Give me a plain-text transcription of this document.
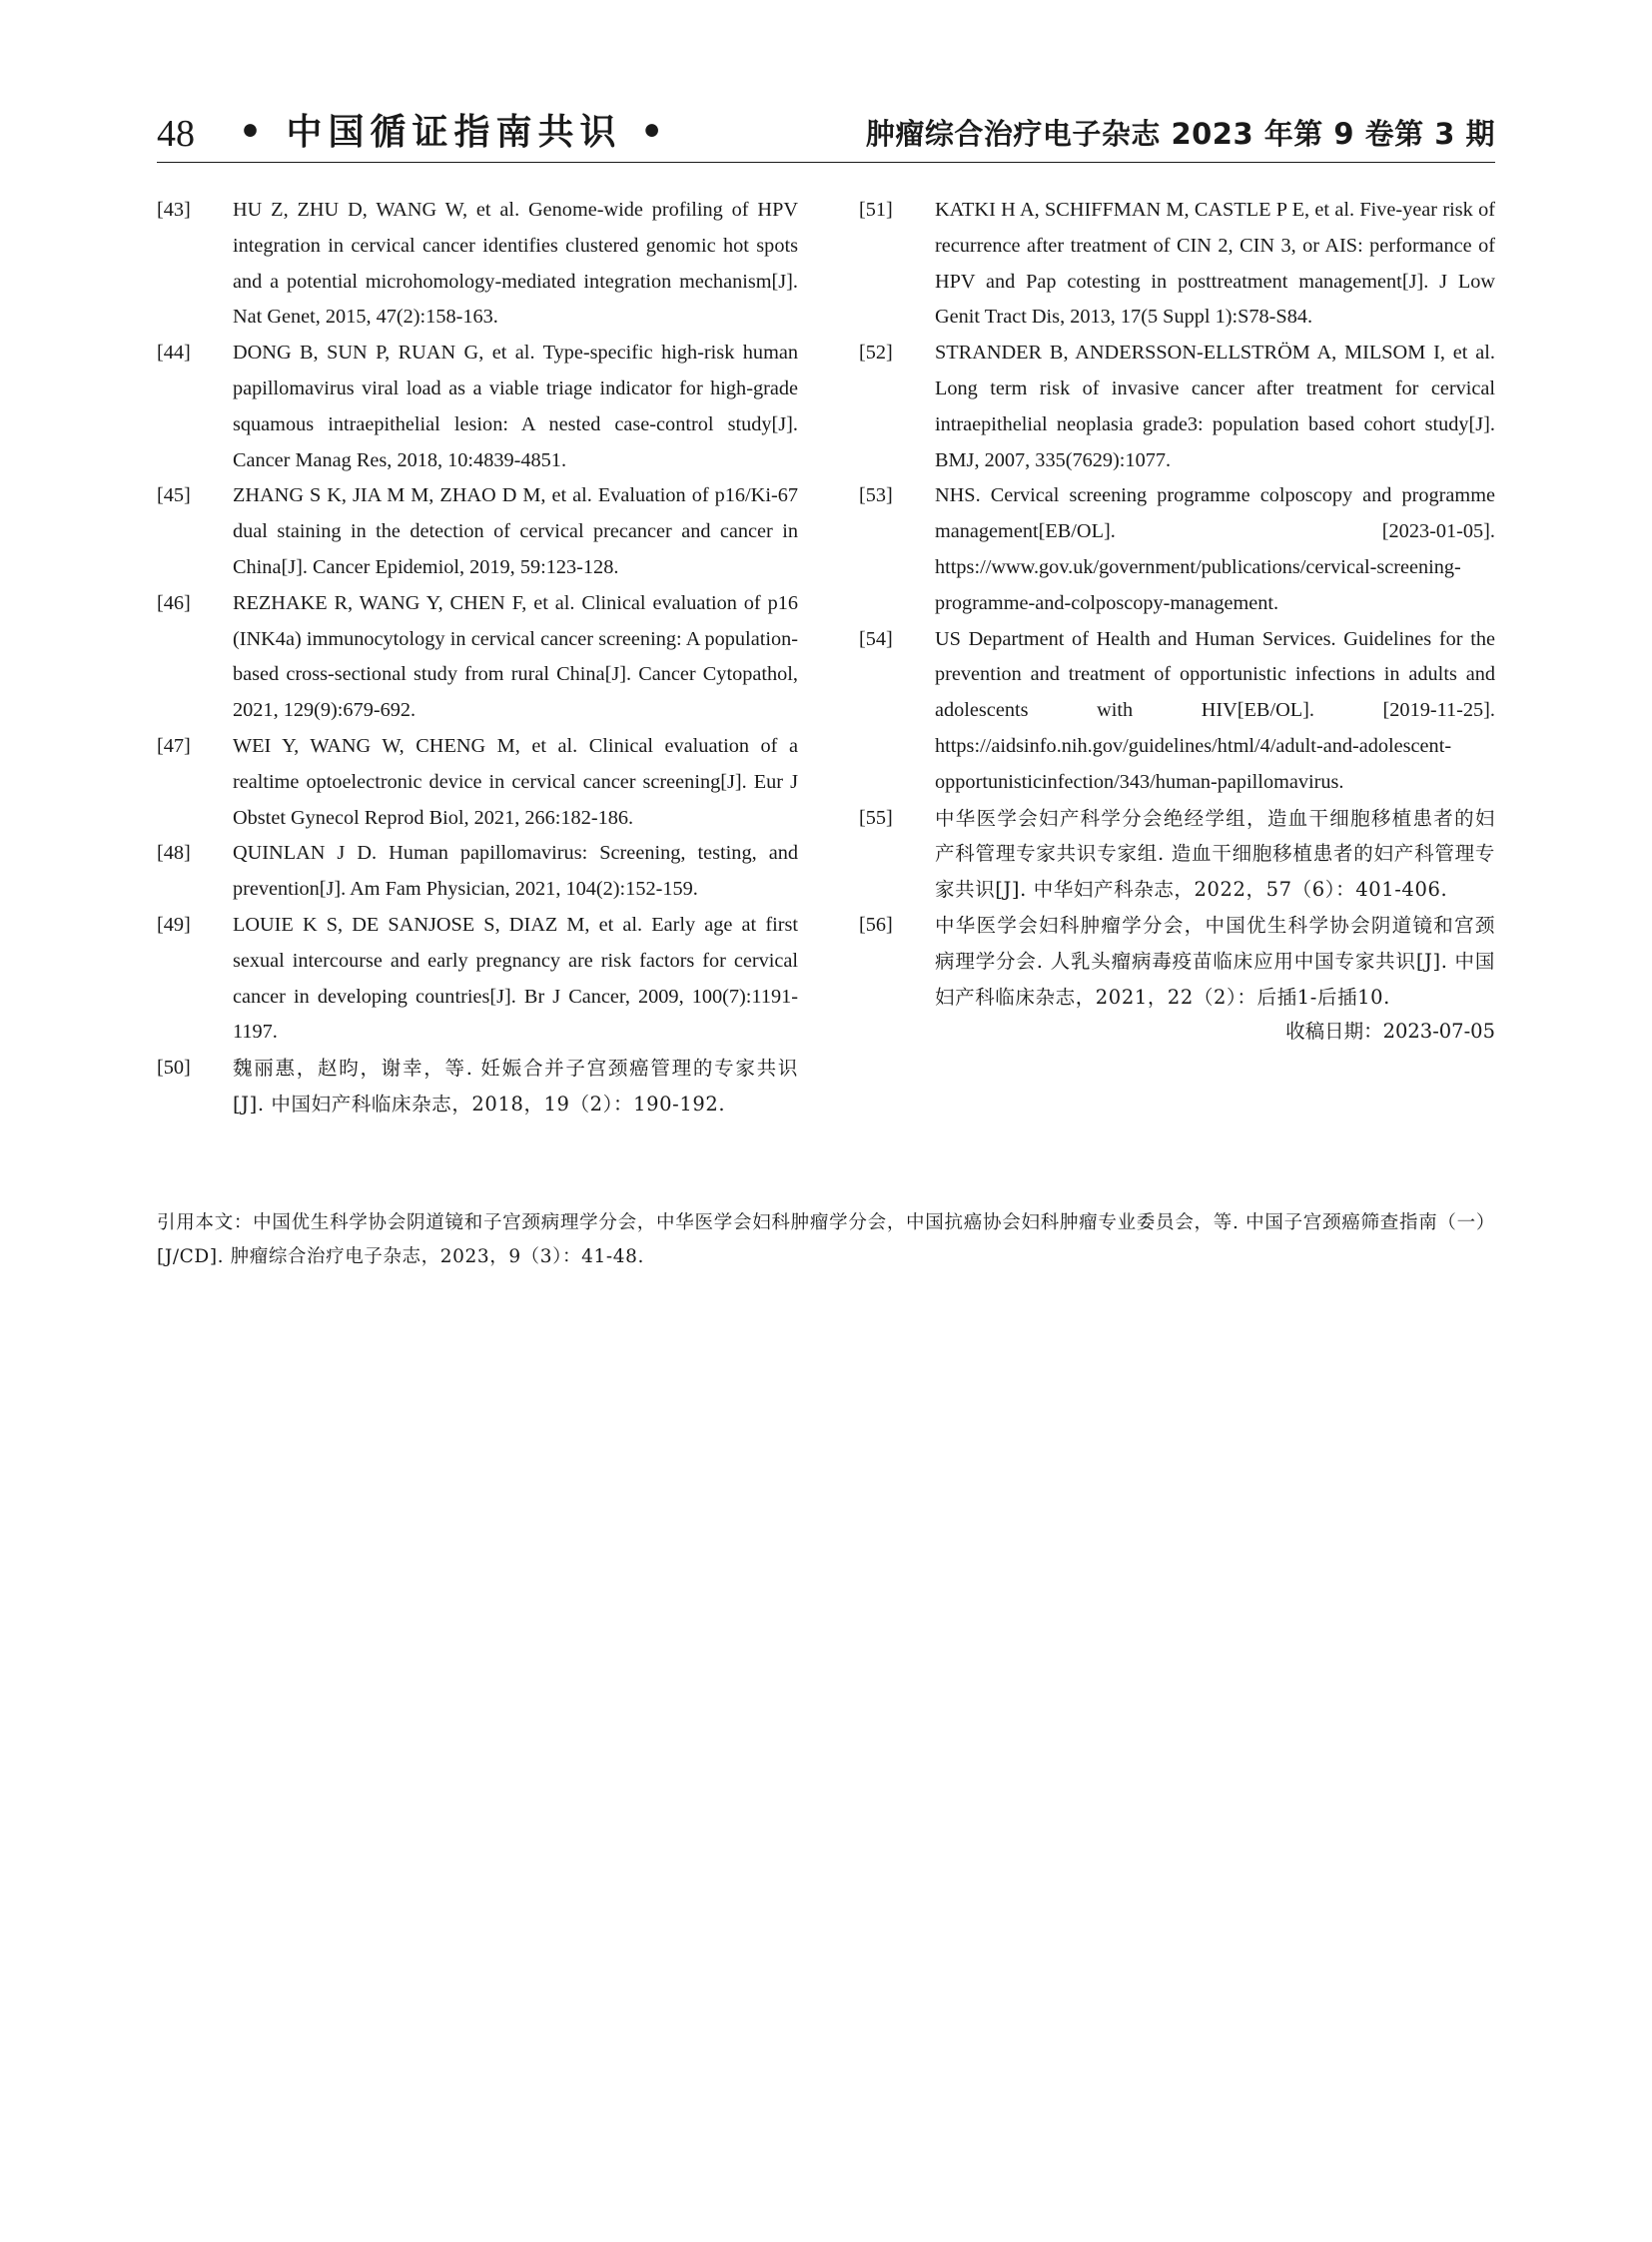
48 • 中国循证指南共识 •	肿瘤综合治疗电子杂志 2023 年第 9 卷第 3 期
[43] HU Z, ZHU D, WANG W, et al. Genome-wide profiling of HPV integration in cervical cancer identifies clustered genomic hot spots and a potential microhomology-mediated integration mechanism[J]. Nat Genet, 2015, 47(2):158-163.
[44] DONG B, SUN P, RUAN G, et al. Type-specific high-risk human papillomavirus viral load as a viable triage indicator for high-grade squamous intraepithelial lesion: A nested case-control study[J]. Cancer Manag Res, 2018, 10:4839-4851.
[45] ZHANG S K, JIA M M, ZHAO D M, et al. Evaluation of p16/Ki-67 dual staining in the detection of cervical precancer and cancer in China[J]. Cancer Epidemiol, 2019, 59:123-128.
[46] REZHAKE R, WANG Y, CHEN F, et al. Clinical evaluation of p16 (INK4a) immunocytology in cervical cancer screening: A population-based cross-sectional study from rural China[J]. Cancer Cytopathol, 2021, 129(9):679-692.
[47] WEI Y, WANG W, CHENG M, et al. Clinical evaluation of a realtime optoelectronic device in cervical cancer screening[J]. Eur J Obstet Gynecol Reprod Biol, 2021, 266:182-186.
[48] QUINLAN J D. Human papillomavirus: Screening, testing, and prevention[J]. Am Fam Physician, 2021, 104(2):152-159.
[49] LOUIE K S, DE SANJOSE S, DIAZ M, et al. Early age at first sexual intercourse and early pregnancy are risk factors for cervical cancer in developing countries[J]. Br J Cancer, 2009, 100(7):1191-1197.
[50] 魏丽惠，赵昀，谢幸，等. 妊娠合并子宫颈癌管理的专家共识[J]. 中国妇产科临床杂志，2018，19（2）：190-192.
[51] KATKI H A, SCHIFFMAN M, CASTLE P E, et al. Five-year risk of recurrence after treatment of CIN 2, CIN 3, or AIS: performance of HPV and Pap cotesting in posttreatment management[J]. J Low Genit Tract Dis, 2013, 17(5 Suppl 1):S78-S84.
[52] STRANDER B, ANDERSSON-ELLSTRÖM A, MILSOM I, et al. Long term risk of invasive cancer after treatment for cervical intraepithelial neoplasia grade3: population based cohort study[J]. BMJ, 2007, 335(7629):1077.
[53] NHS. Cervical screening programme colposcopy and programme management[EB/OL]. [2023-01-05]. https://www.gov.uk/government/publications/cervical-screening-programme-and-colposcopy-management.
[54] US Department of Health and Human Services. Guidelines for the prevention and treatment of opportunistic infections in adults and adolescents with HIV[EB/OL]. [2019-11-25]. https://aidsinfo.nih.gov/guidelines/html/4/adult-and-adolescent-opportunisticinfection/343/human-papillomavirus.
[55] 中华医学会妇产科学分会绝经学组，造血干细胞移植患者的妇产科管理专家共识专家组. 造血干细胞移植患者的妇产科管理专家共识[J]. 中华妇产科杂志，2022，57（6）：401-406.
[56] 中华医学会妇科肿瘤学分会，中国优生科学协会阴道镜和宫颈病理学分会. 人乳头瘤病毒疫苗临床应用中国专家共识[J]. 中国妇产科临床杂志，2021，22（2）：后插1-后插10.
收稿日期：2023-07-05
引用本文：中国优生科学协会阴道镜和子宫颈病理学分会，中华医学会妇科肿瘤学分会，中国抗癌协会妇科肿瘤专业委员会，等. 中国子宫颈癌筛查指南（一）[J/CD]. 肿瘤综合治疗电子杂志，2023，9（3）：41-48.
